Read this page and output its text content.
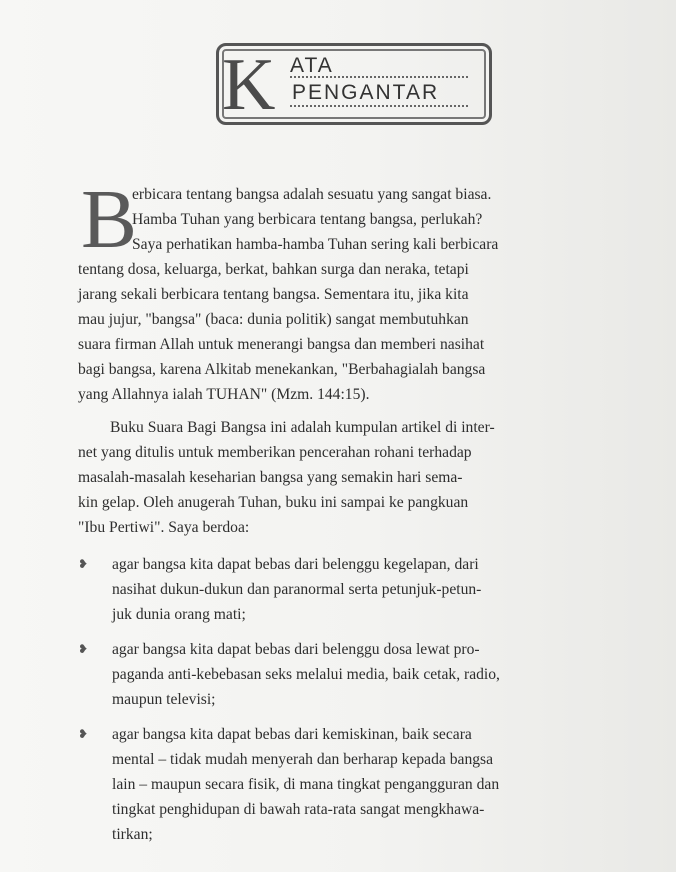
K ATA
PENGANTAR
B
erbicara tentang bangsa adalah sesuatu yang sangat biasa.
Hamba Tuhan yang berbicara tentang bangsa, perlukah?
Saya perhatikan hamba-hamba Tuhan sering kali berbicara
tentang dosa, keluarga, berkat, bahkan surga dan neraka, tetapi
jarang sekali berbicara tentang bangsa. Sementara itu, jika kita
mau jujur, "bangsa" (baca: dunia politik) sangat membutuhkan
suara firman Allah untuk menerangi bangsa dan memberi nasihat
bagi bangsa, karena Alkitab menekankan, "Berbahagialah bangsa
yang Allahnya ialah TUHAN" (Mzm. 144:15).
Buku Suara Bagi Bangsa ini adalah kumpulan artikel di inter-
net yang ditulis untuk memberikan pencerahan rohani terhadap
masalah-masalah keseharian bangsa yang semakin hari sema-
kin gelap. Oleh anugerah Tuhan, buku ini sampai ke pangkuan
"Ibu Pertiwi". Saya berdoa:
❥ agar bangsa kita dapat bebas dari belenggu kegelapan, dari
nasihat dukun-dukun dan paranormal serta petunjuk-petun-
juk dunia orang mati;
❥ agar bangsa kita dapat bebas dari belenggu dosa lewat pro-
paganda anti-kebebasan seks melalui media, baik cetak, radio,
maupun televisi;
❥ agar bangsa kita dapat bebas dari kemiskinan, baik secara
mental – tidak mudah menyerah dan berharap kepada bangsa
lain – maupun secara fisik, di mana tingkat pengangguran dan
tingkat penghidupan di bawah rata-rata sangat mengkhawa-
tirkan;
